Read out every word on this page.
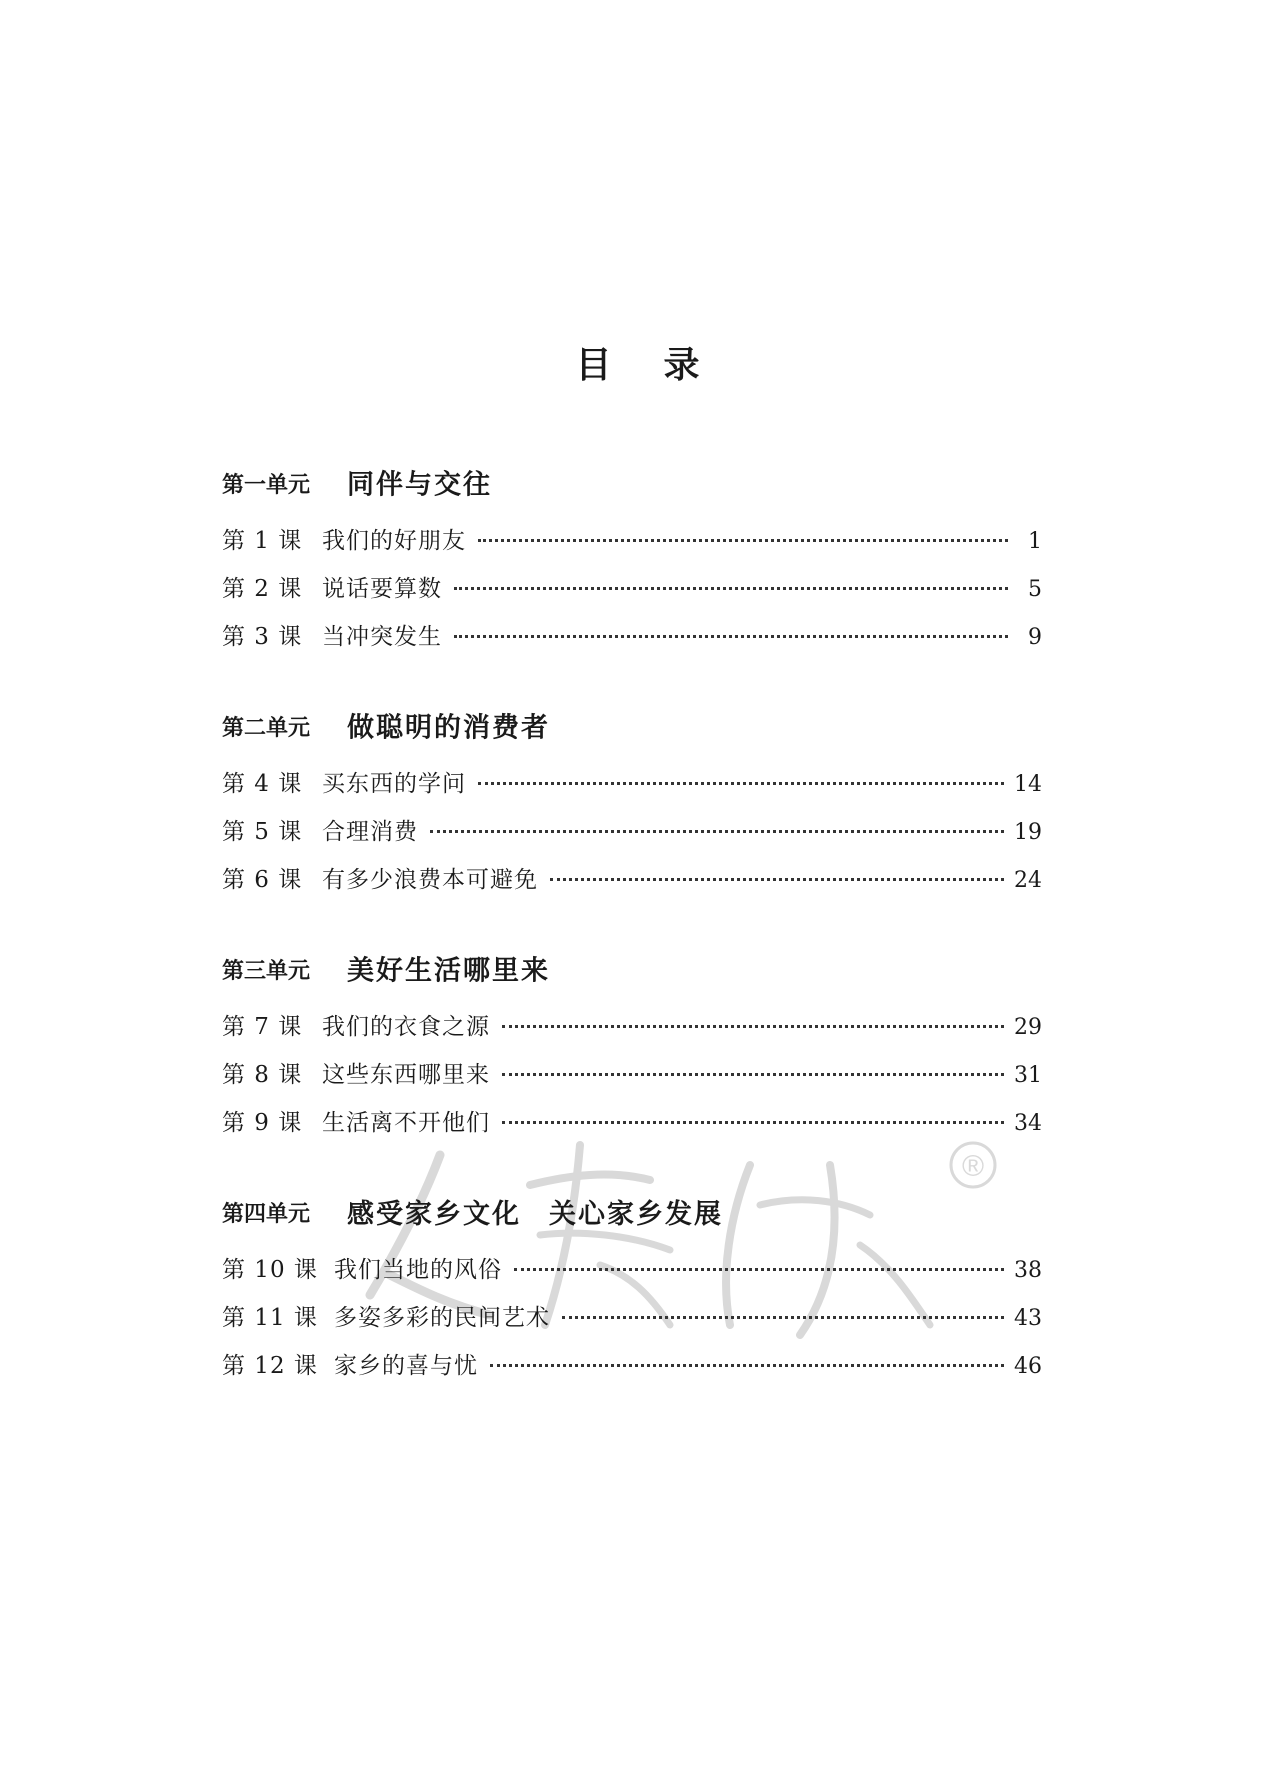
目 录
第一单元 同伴与交往
第 1 课 我们的好朋友	1
第 2 课 说话要算数	5
第 3 课 当冲突发生	9
第二单元 做聪明的消费者
第 4 课 买东西的学问	14
第 5 课 合理消费	19
第 6 课 有多少浪费本可避免	24
第三单元 美好生活哪里来
第 7 课 我们的衣食之源	29
第 8 课 这些东西哪里来	31
第 9 课 生活离不开他们	34
®
第四单元 感受家乡文化 关心家乡发展
第 10 课 我们当地的风俗	38
第 11 课 多姿多彩的民间艺术	43
第 12 课 家乡的喜与忧	46
